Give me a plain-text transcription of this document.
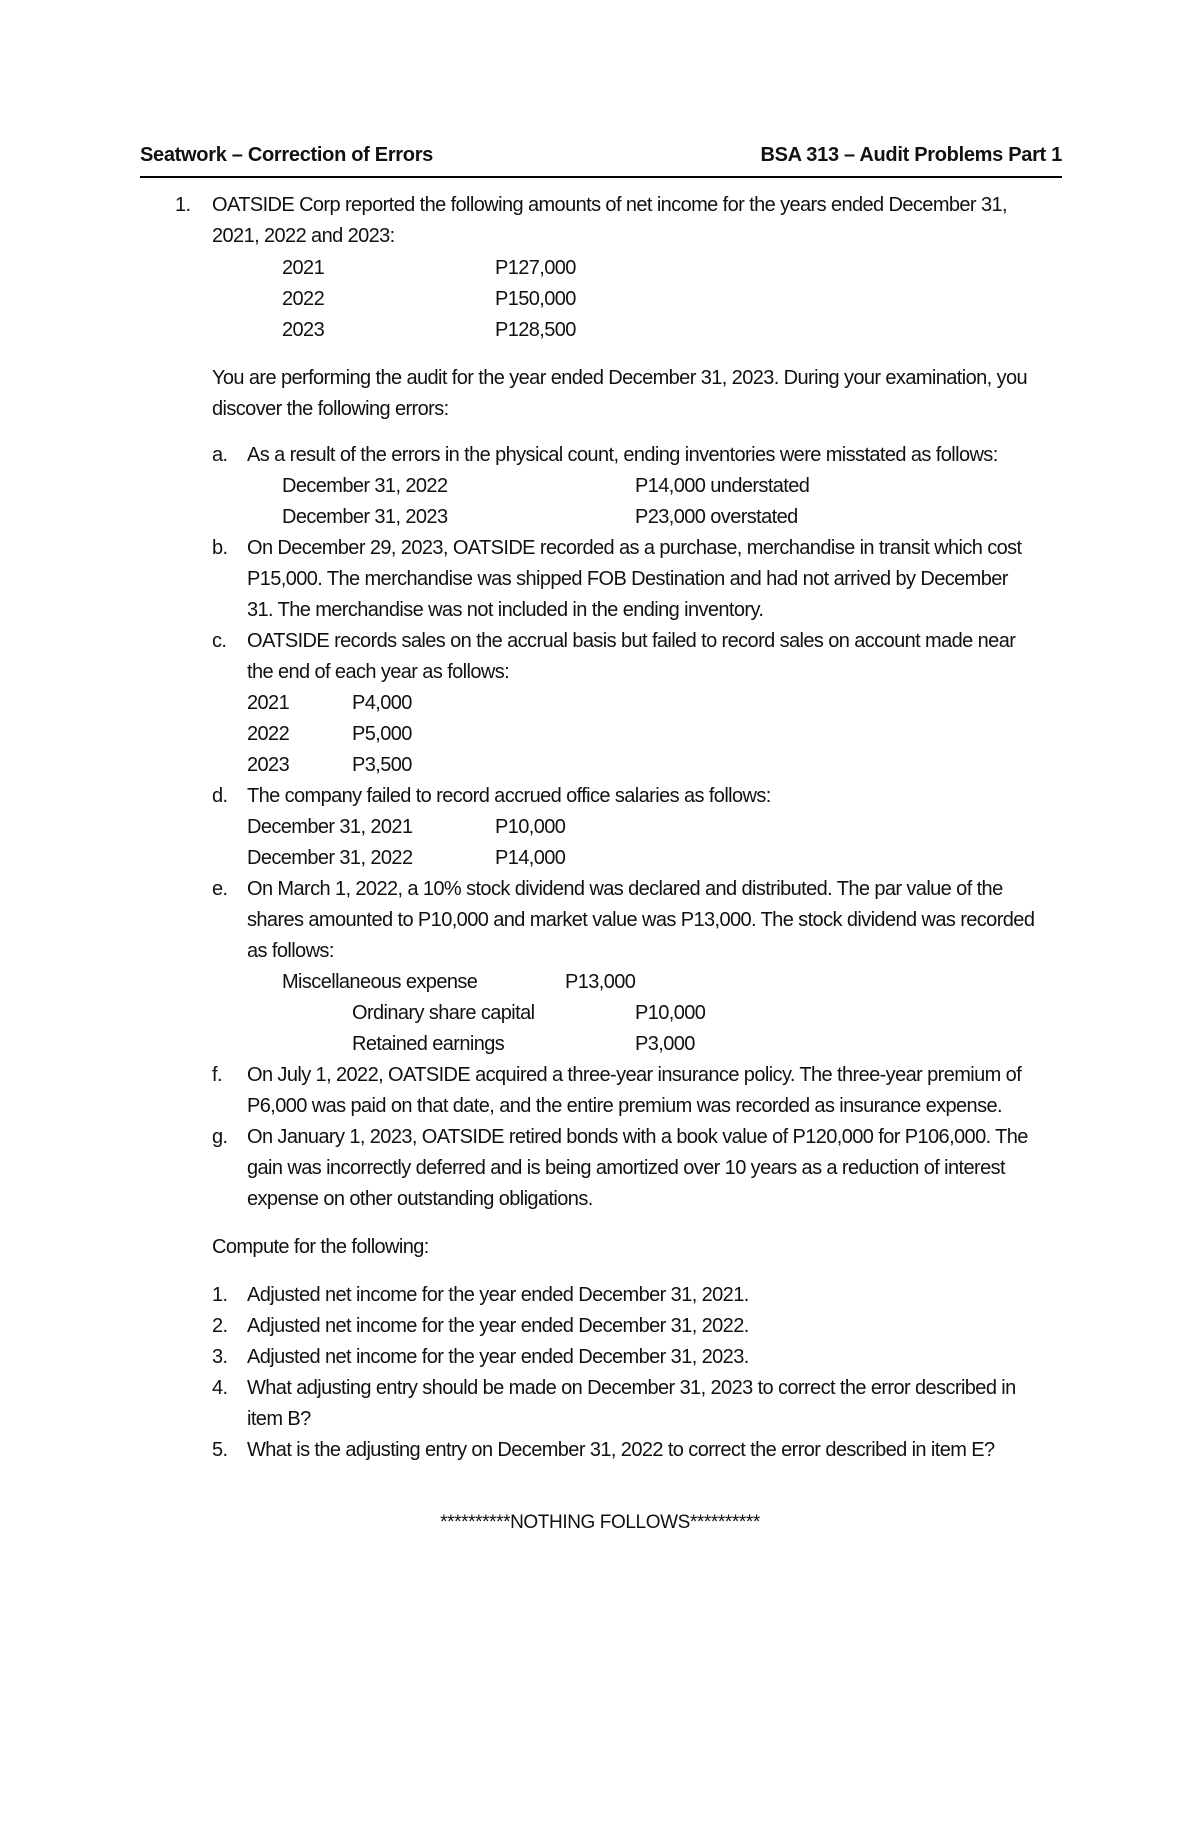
Seatwork – Correction of Errors	BSA 313 – Audit Problems Part 1
1. OATSIDE Corp reported the following amounts of net income for the years ended December 31,
2021, 2022 and 2023:
2021	P127,000
2022	P150,000
2023	P128,500
You are performing the audit for the year ended December 31, 2023. During your examination, you
discover the following errors:
a. As a result of the errors in the physical count, ending inventories were misstated as follows:
December 31, 2022	P14,000 understated
December 31, 2023	P23,000 overstated
b. On December 29, 2023, OATSIDE recorded as a purchase, merchandise in transit which cost
P15,000. The merchandise was shipped FOB Destination and had not arrived by December
31. The merchandise was not included in the ending inventory.
c. OATSIDE records sales on the accrual basis but failed to record sales on account made near
the end of each year as follows:
2021	P4,000
2022	P5,000
2023	P3,500
d. The company failed to record accrued office salaries as follows:
December 31, 2021	P10,000
December 31, 2022	P14,000
e. On March 1, 2022, a 10% stock dividend was declared and distributed. The par value of the
shares amounted to P10,000 and market value was P13,000. The stock dividend was recorded
as follows:
Miscellaneous expense	P13,000
Ordinary share capital	P10,000
Retained earnings	P3,000
f. On July 1, 2022, OATSIDE acquired a three-year insurance policy. The three-year premium of
P6,000 was paid on that date, and the entire premium was recorded as insurance expense.
g. On January 1, 2023, OATSIDE retired bonds with a book value of P120,000 for P106,000. The
gain was incorrectly deferred and is being amortized over 10 years as a reduction of interest
expense on other outstanding obligations.
Compute for the following:
1. Adjusted net income for the year ended December 31, 2021.
2. Adjusted net income for the year ended December 31, 2022.
3. Adjusted net income for the year ended December 31, 2023.
4. What adjusting entry should be made on December 31, 2023 to correct the error described in
item B?
5. What is the adjusting entry on December 31, 2022 to correct the error described in item E?
**********NOTHING FOLLOWS**********
